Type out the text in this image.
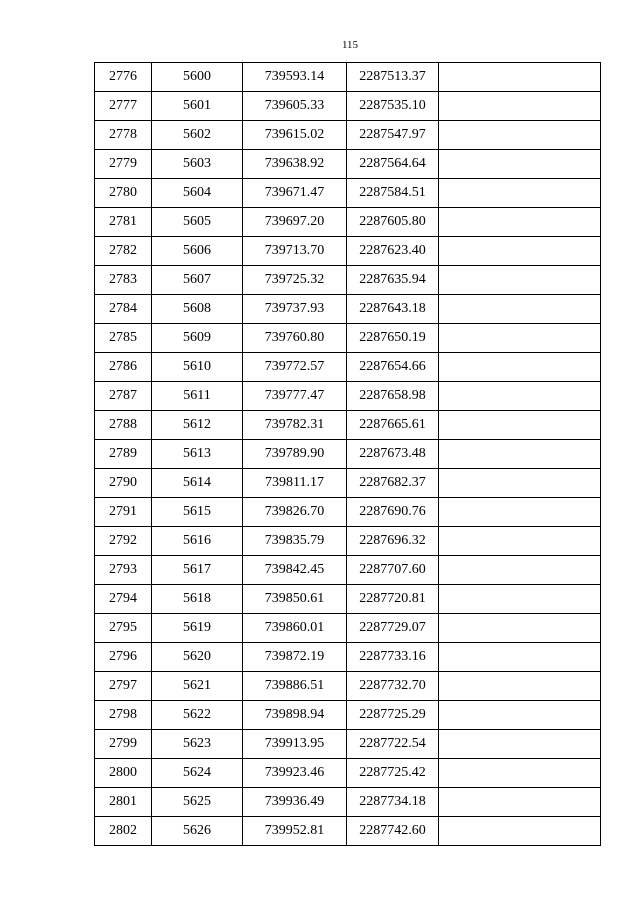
115
2776	5600	739593.14	2287513.37	
2777	5601	739605.33	2287535.10	
2778	5602	739615.02	2287547.97	
2779	5603	739638.92	2287564.64	
2780	5604	739671.47	2287584.51	
2781	5605	739697.20	2287605.80	
2782	5606	739713.70	2287623.40	
2783	5607	739725.32	2287635.94	
2784	5608	739737.93	2287643.18	
2785	5609	739760.80	2287650.19	
2786	5610	739772.57	2287654.66	
2787	5611	739777.47	2287658.98	
2788	5612	739782.31	2287665.61	
2789	5613	739789.90	2287673.48	
2790	5614	739811.17	2287682.37	
2791	5615	739826.70	2287690.76	
2792	5616	739835.79	2287696.32	
2793	5617	739842.45	2287707.60	
2794	5618	739850.61	2287720.81	
2795	5619	739860.01	2287729.07	
2796	5620	739872.19	2287733.16	
2797	5621	739886.51	2287732.70	
2798	5622	739898.94	2287725.29	
2799	5623	739913.95	2287722.54	
2800	5624	739923.46	2287725.42	
2801	5625	739936.49	2287734.18	
2802	5626	739952.81	2287742.60	
